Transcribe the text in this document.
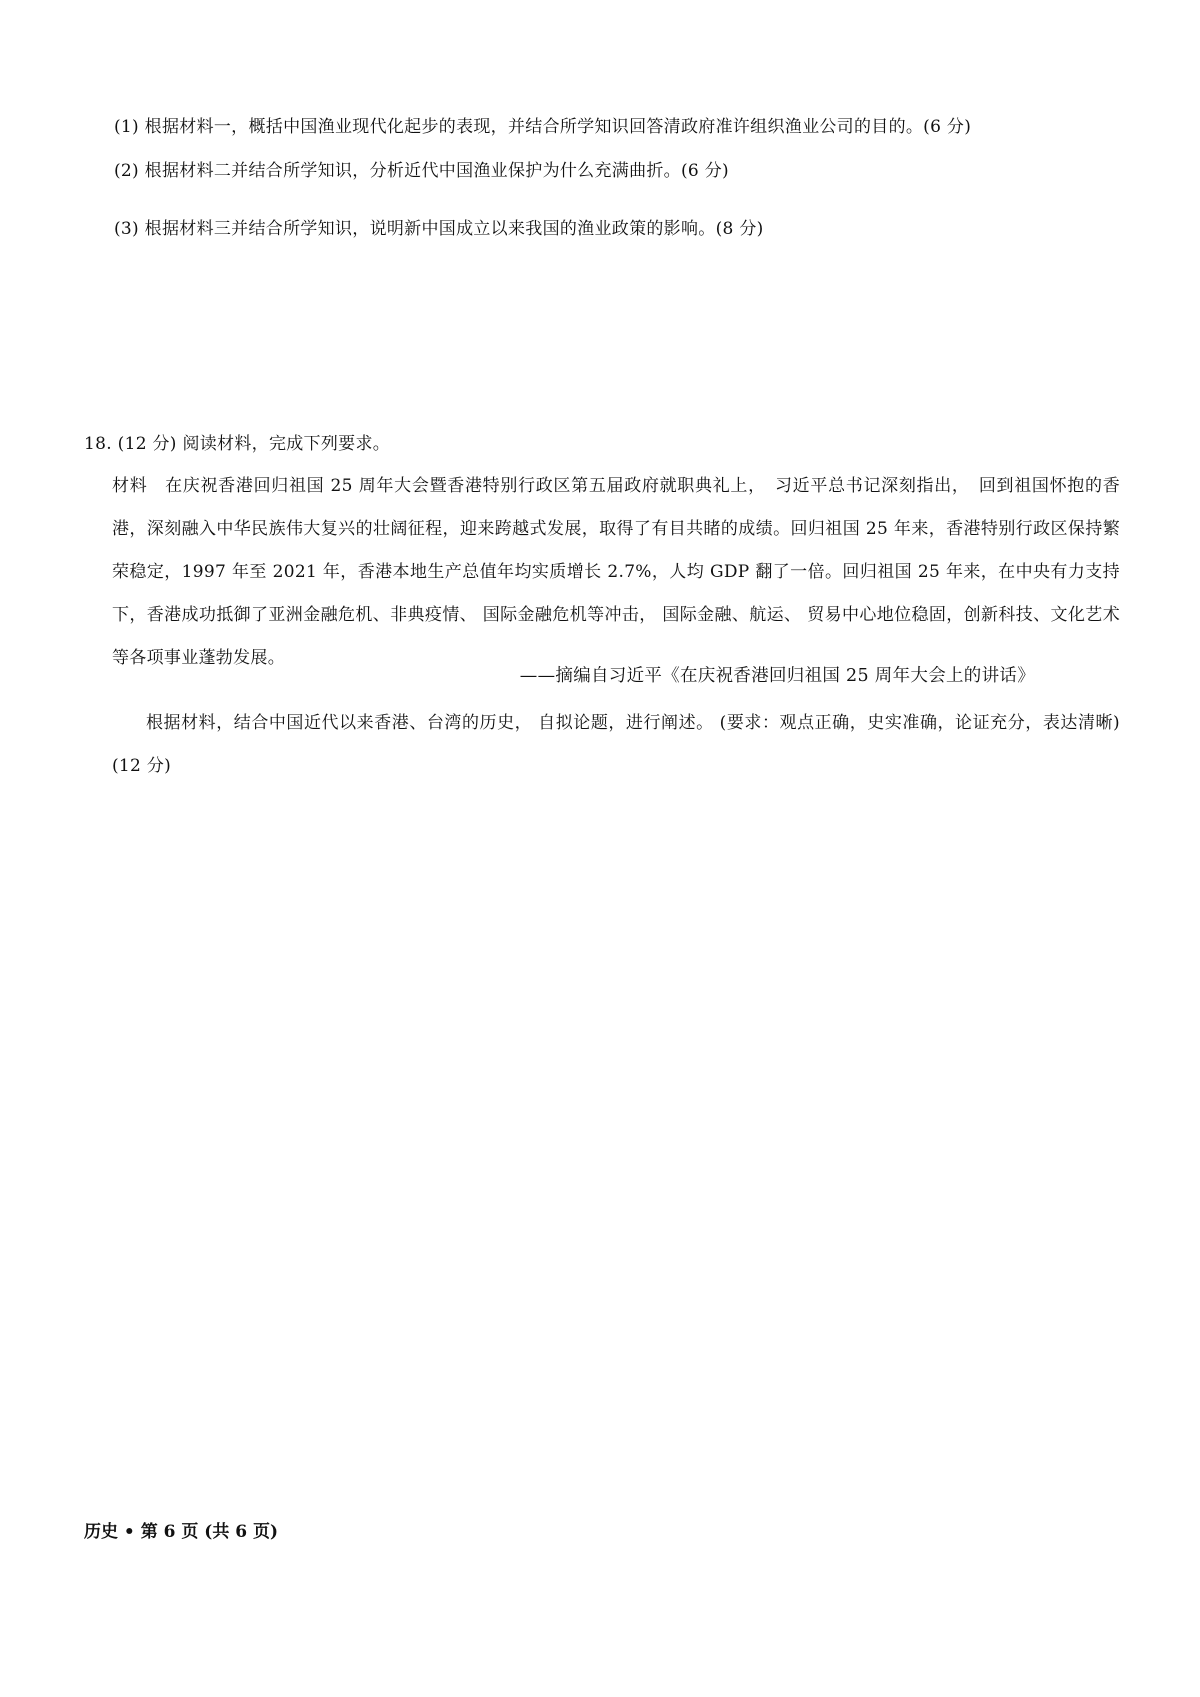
(1) 根据材料一，概括中国渔业现代化起步的表现，并结合所学知识回答清政府准许组织渔业公司的目的。(6 分)
(2) 根据材料二并结合所学知识，分析近代中国渔业保护为什么充满曲折。(6 分)
(3) 根据材料三并结合所学知识，说明新中国成立以来我国的渔业政策的影响。(8 分)
18. (12 分) 阅读材料，完成下列要求。
材料　在庆祝香港回归祖国 25 周年大会暨香港特别行政区第五届政府就职典礼上，　习近平总书记深刻指出，　回到祖国怀抱的香港，深刻融入中华民族伟大复兴的壮阔征程，迎来跨越式发展，取得了有目共睹的成绩。回归祖国 25 年来，香港特别行政区保持繁荣稳定，1997 年至 2021 年，香港本地生产总值年均实质增长 2.7%，人均 GDP 翻了一倍。回归祖国 25 年来，在中央有力支持下，香港成功抵御了亚洲金融危机、非典疫情、 国际金融危机等冲击， 国际金融、航运、 贸易中心地位稳固，创新科技、文化艺术等各项事业蓬勃发展。
——摘编自习近平《在庆祝香港回归祖国 25 周年大会上的讲话》
根据材料，结合中国近代以来香港、台湾的历史， 自拟论题，进行阐述。 (要求：观点正确，史实准确，论证充分，表达清晰) (12 分)
历史 • 第 6 页 (共 6 页)
